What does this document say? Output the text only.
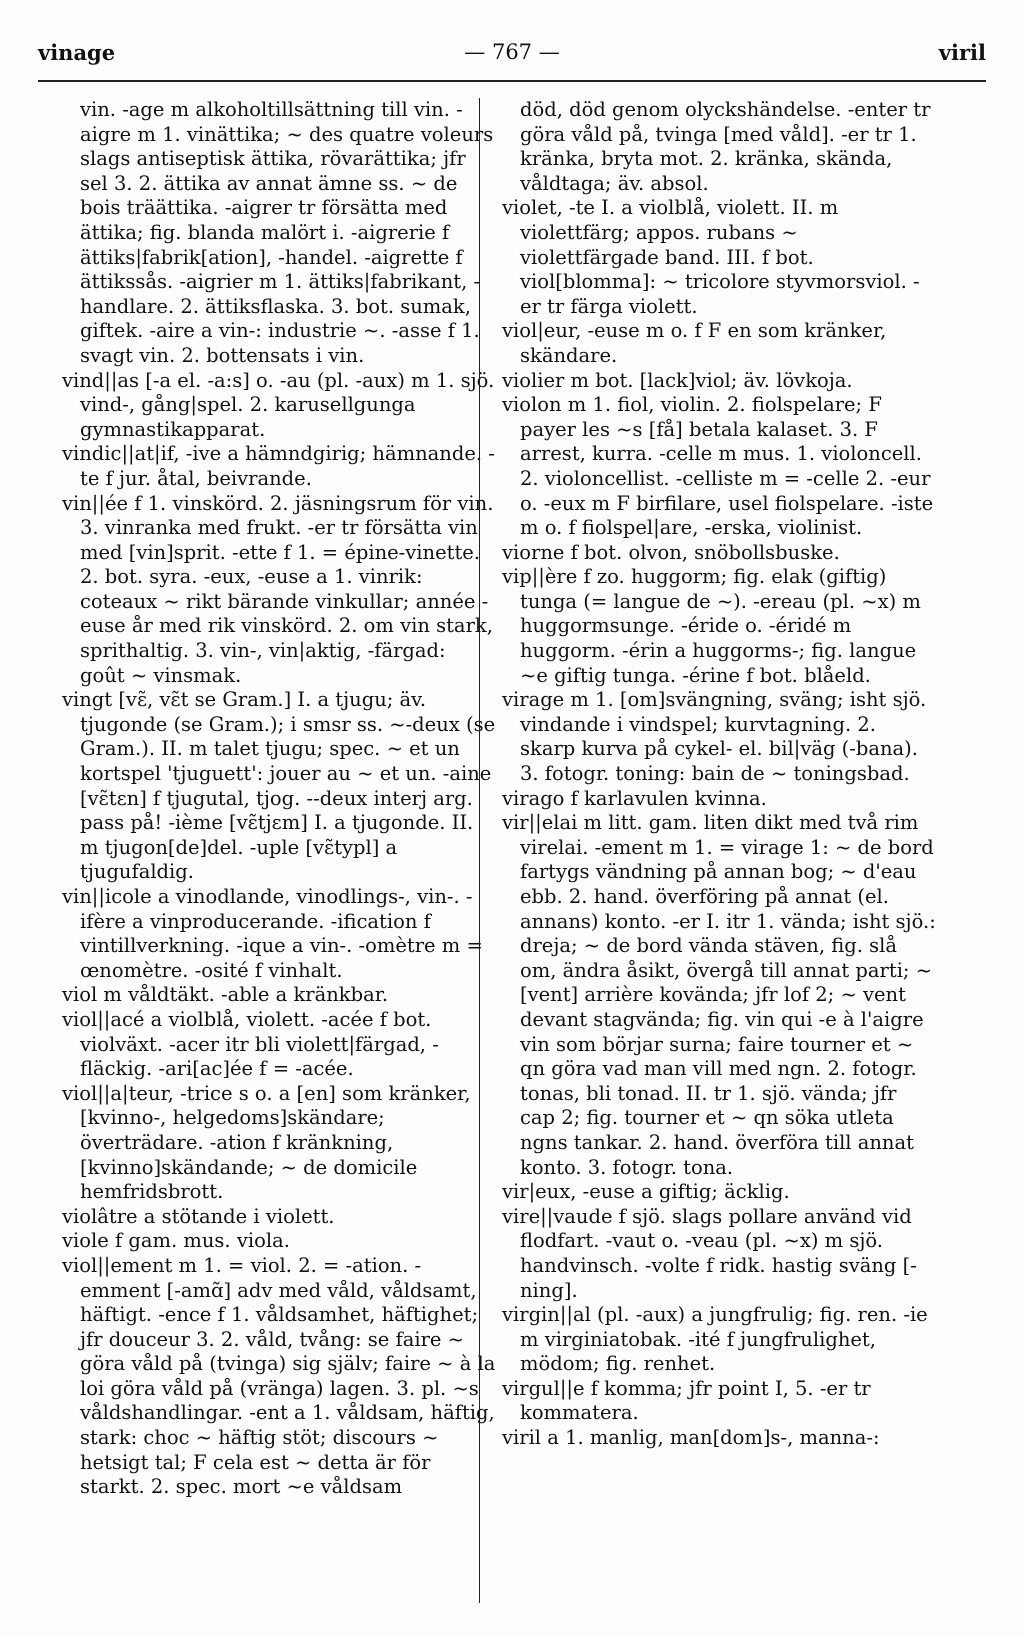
— 767 —
vinage	viril

vin. -age m alkoholtillsättning till vin. -aigre m 1. vinättika; ~ des quatre voleurs slags antiseptisk ättika, rövarättika; jfr sel 3. 2. ättika av annat ämne ss. ~ de bois träättika. -aigrer tr försätta med ättika; fig. blanda malört i. -aigrerie f ättiks|fabrik[ation], -handel. -aigrette f ättikssås. -aigrier m 1. ättiks|fabrikant, -handlare. 2. ättiksflaska. 3. bot. sumak, giftek. -aire a vin-: industrie ~. -asse f 1. svagt vin. 2. bottensats i vin.

vind||as [-a el. -a:s] o. -au (pl. -aux) m 1. sjö. vind-, gång|spel. 2. karusellgunga gymnastikapparat.

vindic||at|if, -ive a hämndgirig; hämnande. -te f jur. åtal, beivrande.

vin||ée f 1. vinskörd. 2. jäsningsrum för vin. 3. vinranka med frukt. -er tr försätta vin med [vin]sprit. -ette f 1. = épine-vinette. 2. bot. syra. -eux, -euse a 1. vinrik: coteaux ~ rikt bärande vinkullar; année -euse år med rik vinskörd. 2. om vin stark, sprithaltig. 3. vin-, vin|aktig, -färgad: goût ~ vinsmak.

vingt [vɛ̃, vɛ̃t se Gram.] I. a tjugu; äv. tjugonde (se Gram.); i smsr ss. ~-deux (se Gram.). II. m talet tjugu; spec. ~ et un kortspel 'tjuguett': jouer au ~ et un. -aine [vɛ̃tɛn] f tjugutal, tjog. --deux interj arg. pass på! -ième [vɛ̃tjɛm] I. a tjugonde. II. m tjugon[de]del. -uple [vɛ̃typl] a tjugufaldig.

vin||icole a vinodlande, vinodlings-, vin-. -ifère a vinproducerande. -ification f vintillverkning. -ique a vin-. -omètre m = œnomètre. -osité f vinhalt.

viol m våldtäkt. -able a kränkbar.

viol||acé a violblå, violett. -acée f bot. violväxt. -acer itr bli violett|färgad, -fläckig. -ari[ac]ée f = -acée.

viol||a|teur, -trice s o. a [en] som kränker, [kvinno-, helgedoms]skändare; överträdare. -ation f kränkning, [kvinno]skändande; ~ de domicile hemfridsbrott.

violâtre a stötande i violett.

viole f gam. mus. viola.

viol||ement m 1. = viol. 2. = -ation. -emment [-amɑ̃] adv med våld, våldsamt, häftigt. -ence f 1. våldsamhet, häftighet; jfr douceur 3. 2. våld, tvång: se faire ~ göra våld på (tvinga) sig själv; faire ~ à la loi göra våld på (vränga) lagen. 3. pl. ~s våldshandlingar. -ent a 1. våldsam, häftig, stark: choc ~ häftig stöt; discours ~ hetsigt tal; F cela est ~ detta är för starkt. 2. spec. mort ~e våldsam

död, död genom olyckshändelse. -enter tr göra våld på, tvinga [med våld]. -er tr 1. kränka, bryta mot. 2. kränka, skända, våldtaga; äv. absol.

violet, -te I. a violblå, violett. II. m violettfärg; appos. rubans ~ violettfärgade band. III. f bot. viol[blomma]: ~ tricolore styvmorsviol. -er tr färga violett.

viol|eur, -euse m o. f F en som kränker, skändare.

violier m bot. [lack]viol; äv. lövkoja.

violon m 1. fiol, violin. 2. fiolspelare; F payer les ~s [få] betala kalaset. 3. F arrest, kurra. -celle m mus. 1. violoncell. 2. violoncellist. -celliste m = -celle 2. -eur o. -eux m F birfilare, usel fiolspelare. -iste m o. f fiolspel|are, -erska, violinist.

viorne f bot. olvon, snöbollsbuske.

vip||ère f zo. huggorm; fig. elak (giftig) tunga (= langue de ~). -ereau (pl. ~x) m huggormsunge. -éride o. -éridé m huggorm. -érin a huggorms-; fig. langue ~e giftig tunga. -érine f bot. blåeld.

virage m 1. [om]svängning, sväng; isht sjö. vindande i vindspel; kurvtagning. 2. skarp kurva på cykel- el. bil|väg (-bana). 3. fotogr. toning: bain de ~ toningsbad.

virago f karlavulen kvinna.

vir||elai m litt. gam. liten dikt med två rim virelai. -ement m 1. = virage 1: ~ de bord fartygs vändning på annan bog; ~ d'eau ebb. 2. hand. överföring på annat (el. annans) konto. -er I. itr 1. vända; isht sjö.: dreja; ~ de bord vända stäven, fig. slå om, ändra åsikt, övergå till annat parti; ~ [vent] arrière kovända; jfr lof 2; ~ vent devant stagvända; fig. vin qui -e à l'aigre vin som börjar surna; faire tourner et ~ qn göra vad man vill med ngn. 2. fotogr. tonas, bli tonad. II. tr 1. sjö. vända; jfr cap 2; fig. tourner et ~ qn söka utleta ngns tankar. 2. hand. överföra till annat konto. 3. fotogr. tona.

vir|eux, -euse a giftig; äcklig.

vire||vaude f sjö. slags pollare använd vid flodfart. -vaut o. -veau (pl. ~x) m sjö. handvinsch. -volte f ridk. hastig sväng [-ning].

virgin||al (pl. -aux) a jungfrulig; fig. ren. -ie m virginiatobak. -ité f jungfrulighet, mödom; fig. renhet.

virgul||e f komma; jfr point I, 5. -er tr kommatera.

viril a 1. manlig, man[dom]s-, manna-:
